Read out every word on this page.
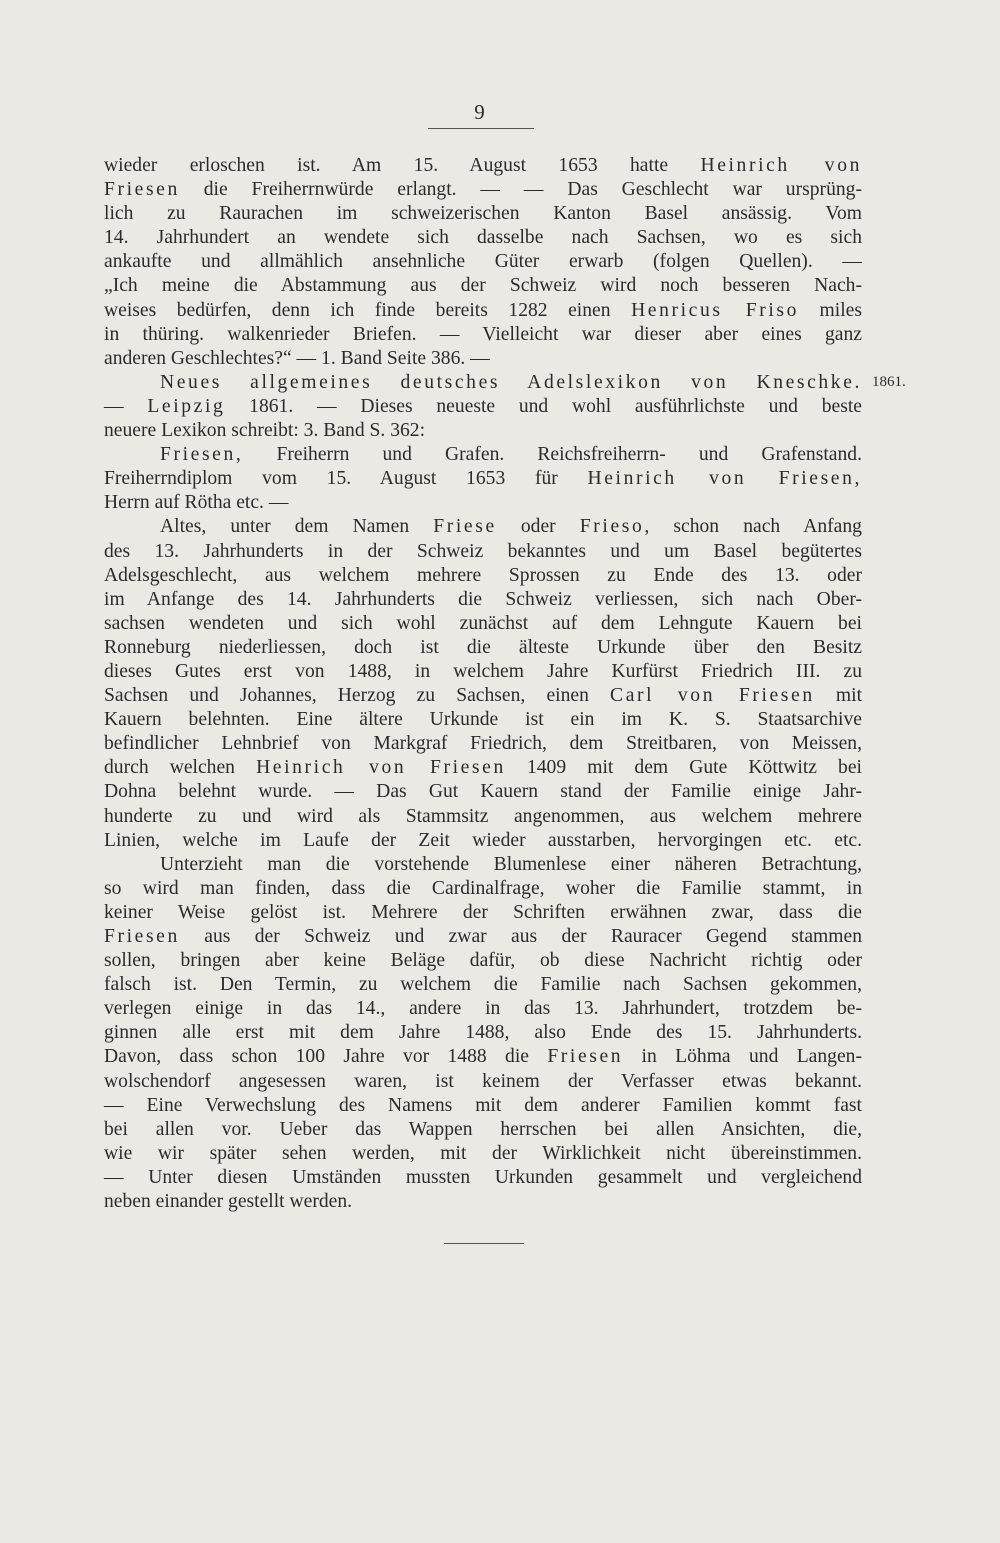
9
wieder erloschen ist. Am 15. August 1653 hatte Heinrich von
Friesen die Freiherrnwürde erlangt. — — Das Geschlecht war ursprüng-
lich zu Raurachen im schweizerischen Kanton Basel ansässig. Vom
14. Jahrhundert an wendete sich dasselbe nach Sachsen, wo es sich
ankaufte und allmählich ansehnliche Güter erwarb (folgen Quellen). —
„Ich meine die Abstammung aus der Schweiz wird noch besseren Nach-
weises bedürfen, denn ich finde bereits 1282 einen Henricus Friso miles
in thüring. walkenrieder Briefen. — Vielleicht war dieser aber eines ganz
anderen Geschlechtes?“ — 1. Band Seite 386. —
Neues allgemeines deutsches Adelslexikon von Kneschke.
— Leipzig 1861. — Dieses neueste und wohl ausführlichste und beste
neuere Lexikon schreibt: 3. Band S. 362:
Friesen, Freiherrn und Grafen. Reichsfreiherrn- und Grafenstand.
Freiherrndiplom vom 15. August 1653 für Heinrich von Friesen,
Herrn auf Rötha etc. —
Altes, unter dem Namen Friese oder Frieso, schon nach Anfang
des 13. Jahrhunderts in der Schweiz bekanntes und um Basel begütertes
Adelsgeschlecht, aus welchem mehrere Sprossen zu Ende des 13. oder
im Anfange des 14. Jahrhunderts die Schweiz verliessen, sich nach Ober-
sachsen wendeten und sich wohl zunächst auf dem Lehngute Kauern bei
Ronneburg niederliessen, doch ist die älteste Urkunde über den Besitz
dieses Gutes erst von 1488, in welchem Jahre Kurfürst Friedrich III. zu
Sachsen und Johannes, Herzog zu Sachsen, einen Carl von Friesen mit
Kauern belehnten. Eine ältere Urkunde ist ein im K. S. Staatsarchive
befindlicher Lehnbrief von Markgraf Friedrich, dem Streitbaren, von Meissen,
durch welchen Heinrich von Friesen 1409 mit dem Gute Köttwitz bei
Dohna belehnt wurde. — Das Gut Kauern stand der Familie einige Jahr-
hunderte zu und wird als Stammsitz angenommen, aus welchem mehrere
Linien, welche im Laufe der Zeit wieder ausstarben, hervorgingen etc. etc.
Unterzieht man die vorstehende Blumenlese einer näheren Betrachtung,
so wird man finden, dass die Cardinalfrage, woher die Familie stammt, in
keiner Weise gelöst ist. Mehrere der Schriften erwähnen zwar, dass die
Friesen aus der Schweiz und zwar aus der Rauracer Gegend stammen
sollen, bringen aber keine Beläge dafür, ob diese Nachricht richtig oder
falsch ist. Den Termin, zu welchem die Familie nach Sachsen gekommen,
verlegen einige in das 14., andere in das 13. Jahrhundert, trotzdem be-
ginnen alle erst mit dem Jahre 1488, also Ende des 15. Jahrhunderts.
Davon, dass schon 100 Jahre vor 1488 die Friesen in Löhma und Langen-
wolschendorf angesessen waren, ist keinem der Verfasser etwas bekannt.
— Eine Verwechslung des Namens mit dem anderer Familien kommt fast
bei allen vor. Ueber das Wappen herrschen bei allen Ansichten, die,
wie wir später sehen werden, mit der Wirklichkeit nicht übereinstimmen.
— Unter diesen Umständen mussten Urkunden gesammelt und vergleichend
neben einander gestellt werden.
1861.
